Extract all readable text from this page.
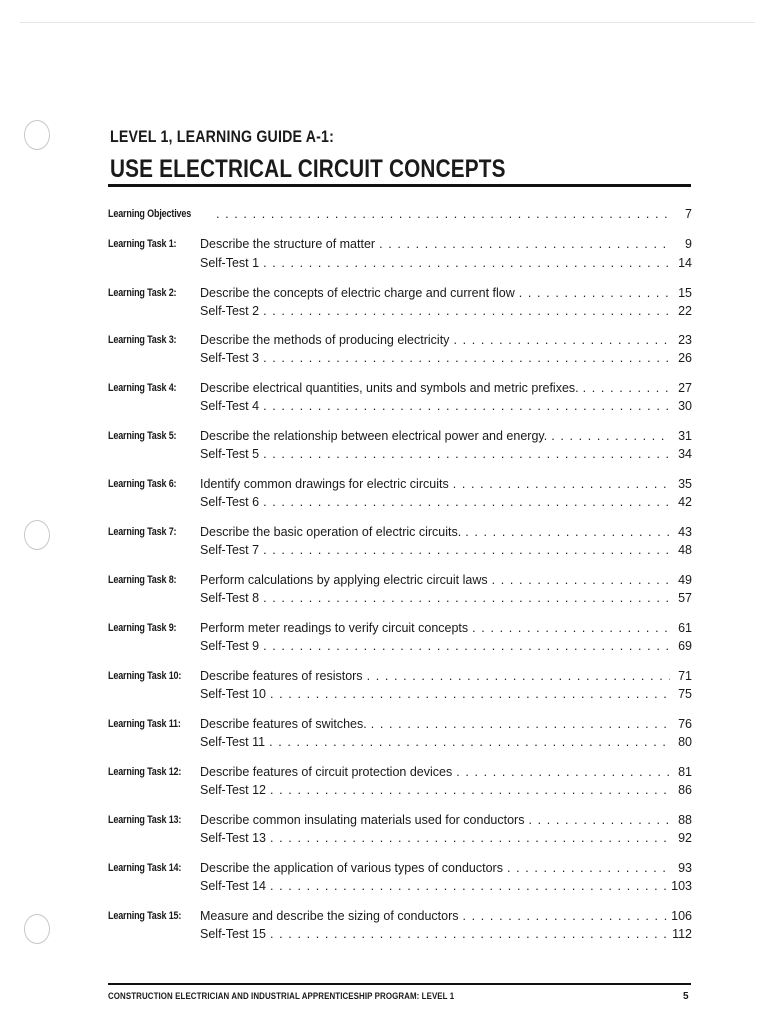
LEVEL 1, LEARNING GUIDE A-1:
USE ELECTRICAL CIRCUIT CONCEPTS
Learning Objectives . . .	7
Learning Task 1: Describe the structure of matter . . .	9
Self-Test 1 . . .	14
Learning Task 2: Describe the concepts of electric charge and current flow . . .	15
Self-Test 2 . . .	22
Learning Task 3: Describe the methods of producing electricity . . .	23
Self-Test 3 . . .	26
Learning Task 4: Describe electrical quantities, units and symbols and metric prefixes. . . .	27
Self-Test 4 . . .	30
Learning Task 5: Describe the relationship between electrical power and energy. . . .	31
Self-Test 5 . . .	34
Learning Task 6: Identify common drawings for electric circuits . . .	35
Self-Test 6 . . .	42
Learning Task 7: Describe the basic operation of electric circuits. . . .	43
Self-Test 7 . . .	48
Learning Task 8: Perform calculations by applying electric circuit laws . . .	49
Self-Test 8 . . .	57
Learning Task 9: Perform meter readings to verify circuit concepts . . .	61
Self-Test 9 . . .	69
Learning Task 10: Describe features of resistors . . .	71
Self-Test 10 . . .	75
Learning Task 11: Describe features of switches. . . .	76
Self-Test 11 . . .	80
Learning Task 12: Describe features of circuit protection devices . . .	81
Self-Test 12 . . .	86
Learning Task 13: Describe common insulating materials used for conductors . . .	88
Self-Test 13 . . .	92
Learning Task 14: Describe the application of various types of conductors . . .	93
Self-Test 14 . . .	103
Learning Task 15: Measure and describe the sizing of conductors . . .	106
Self-Test 15 . . .	112
CONSTRUCTION ELECTRICIAN AND INDUSTRIAL APPRENTICESHIP PROGRAM: LEVEL 1	5
